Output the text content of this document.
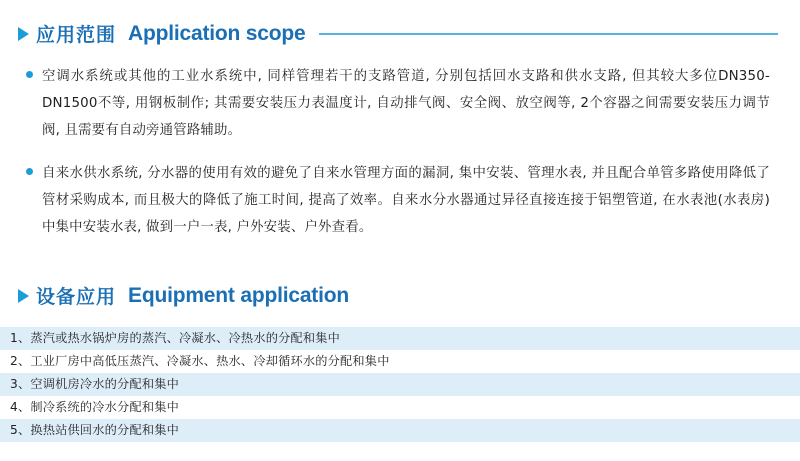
应用范围 Application scope
空调水系统或其他的工业水系统中, 同样管理若干的支路管道, 分别包括回水支路和供水支路, 但其较大多位DN350-DN1500不等, 用钢板制作; 其需要安装压力表温度计, 自动排气阀、安全阀、放空阀等, 2个容器之间需要安装压力调节阀, 且需要有自动旁通管路辅助。
自来水供水系统, 分水器的使用有效的避免了自来水管理方面的漏洞, 集中安装、管理水表, 并且配合单管多路使用降低了管材采购成本, 而且极大的降低了施工时间, 提高了效率。自来水分水器通过异径直接连接于铝塑管道, 在水表池(水表房)中集中安装水表, 做到一户一表, 户外安装、户外查看。
设备应用 Equipment application
1、蒸汽或热水锅炉房的蒸汽、冷凝水、冷热水的分配和集中
2、工业厂房中高低压蒸汽、冷凝水、热水、冷却循环水的分配和集中
3、空调机房冷水的分配和集中
4、制冷系统的冷水分配和集中
5、换热站供回水的分配和集中
